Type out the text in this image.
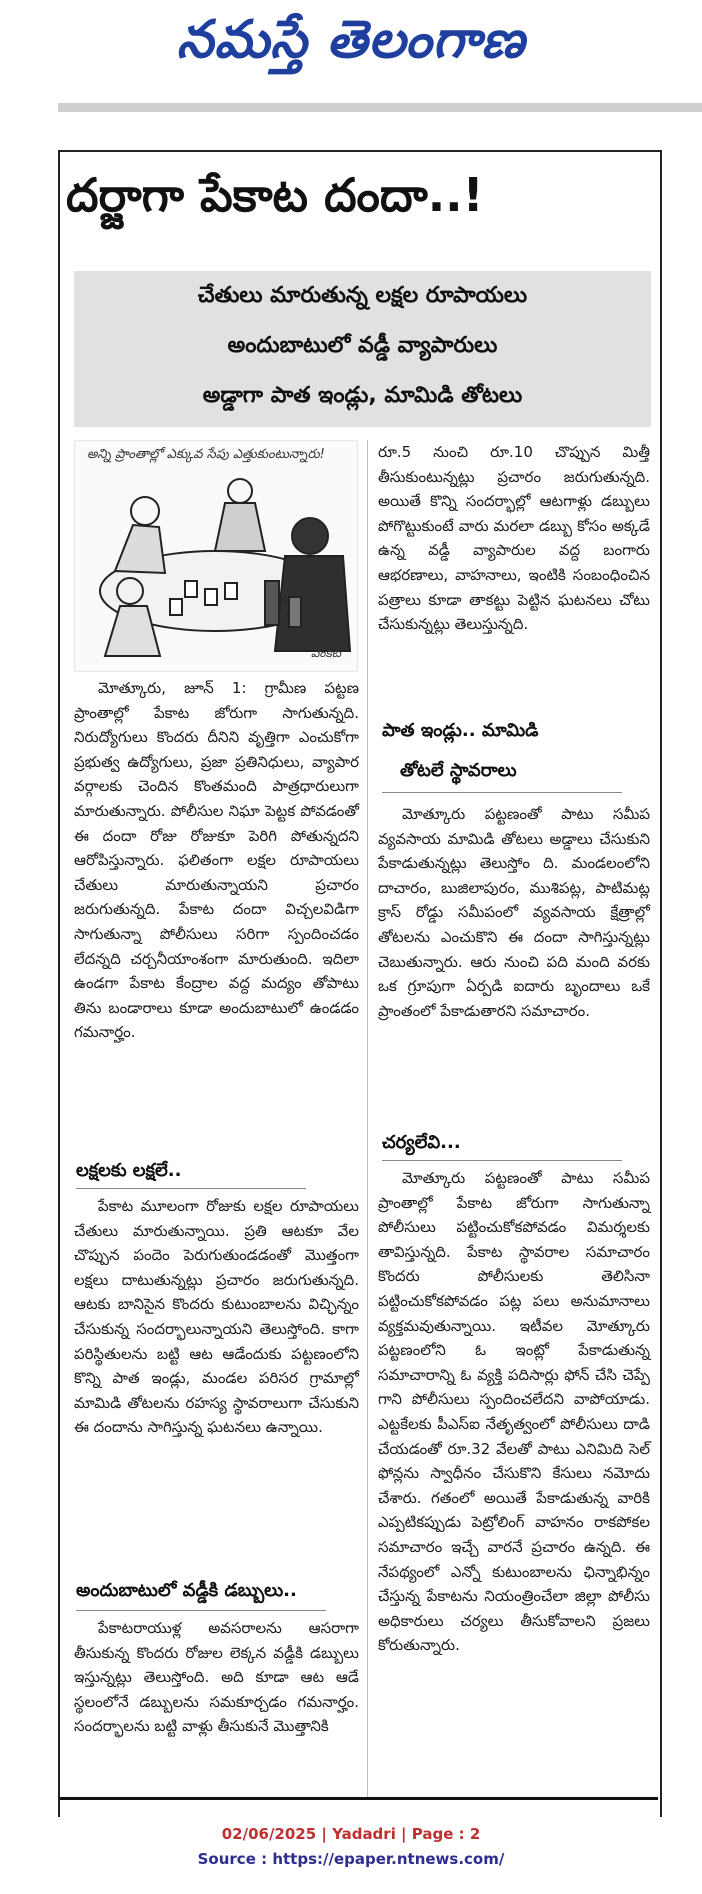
నమస్తే తెలంగాణ
దర్జాగా పేకాట దందా..!
చేతులు మారుతున్న లక్షల రూపాయలు
అందుబాటులో వడ్డీ వ్యాపారులు
అడ్డాగా పాత ఇండ్లు, మామిడి తోటలు
అన్ని ప్రాంతాల్లో ఎక్కువ సేపు ఎత్తుకుంటున్నారు!
వెంకట్
మోత్కూరు, జూన్ 1: గ్రామీణ పట్టణ ప్రాంతాల్లో పేకాట జోరుగా సాగుతున్నది. నిరుద్యోగులు కొందరు దీనిని వృత్తిగా ఎంచుకోగా ప్రభుత్వ ఉద్యోగులు, ప్రజా ప్రతినిధులు, వ్యాపార వర్గాలకు చెందిన కొంతమంది పాత్రధారులుగా మారుతున్నారు. పోలీసుల నిఘా పెట్టక పోవడంతో ఈ దందా రోజు రోజుకూ పెరిగి పోతున్నదని ఆరోపిస్తున్నారు. ఫలితంగా లక్షల రూపాయలు చేతులు మారుతున్నాయని ప్రచారం జరుగుతున్నది. పేకాట దందా విచ్చలవిడిగా సాగుతున్నా పోలీసులు సరిగా స్పందించడం లేదన్నది చర్చనీయాంశంగా మారుతుంది. ఇదిలా ఉండగా పేకాట కేంద్రాల వద్ద మద్యం తోపాటు తిను బండారాలు కూడా అందుబాటులో ఉండడం గమనార్హం.
లక్షలకు లక్షలే..
పేకాట మూలంగా రోజుకు లక్షల రూపాయలు చేతులు మారుతున్నాయి. ప్రతి ఆటకూ వేల చొప్పున పందెం పెరుగుతుండడంతో మొత్తంగా లక్షలు దాటుతున్నట్లు ప్రచారం జరుగుతున్నది. ఆటకు బానిసైన కొందరు కుటుంబాలను విచ్ఛిన్నం చేసుకున్న సందర్భాలున్నాయని తెలుస్తోంది. కాగా పరిస్థితులను బట్టి ఆట ఆడేందుకు పట్టణంలోని కొన్ని పాత ఇండ్లు, మండల పరిసర గ్రామాల్లో మామిడి తోటలను రహస్య స్థావరాలుగా చేసుకుని ఈ దందాను సాగిస్తున్న ఘటనలు ఉన్నాయి.
అందుబాటులో వడ్డీకి డబ్బులు..
పేకాటరాయుళ్ల అవసరాలను ఆసరాగా తీసుకున్న కొందరు రోజుల లెక్కన వడ్డీకి డబ్బులు ఇస్తున్నట్లు తెలుస్తోంది. అది కూడా ఆట ఆడే స్థలంలోనే డబ్బులను సమకూర్చడం గమనార్హం. సందర్భాలను బట్టి వాళ్లు తీసుకునే మొత్తానికి
రూ.5 నుంచి రూ.10 చొప్పున మిత్తీ తీసుకుంటున్నట్లు ప్రచారం జరుగుతున్నది. అయితే కొన్ని సందర్భాల్లో ఆటగాళ్లు డబ్బులు పోగొట్టుకుంటే వారు మరలా డబ్బు కోసం అక్కడే ఉన్న వడ్డీ వ్యాపారుల వద్ద బంగారు ఆభరణాలు, వాహనాలు, ఇంటికి సంబంధించిన పత్రాలు కూడా తాకట్టు పెట్టిన ఘటనలు చోటు చేసుకున్నట్లు తెలుస్తున్నది.
పాత ఇండ్లు.. మామిడి
తోటలే స్థావరాలు
మోత్కూరు పట్టణంతో పాటు సమీప వ్యవసాయ మామిడి తోటలు అడ్డాలు చేసుకుని పేకాడుతున్నట్లు తెలుస్తోం ది. మండలంలోని దాచారం, బుజిలాపురం, ముశిపట్ల, పాటిమట్ల క్రాస్ రోడ్డు సమీపంలో వ్యవసాయ క్షేత్రాల్లో తోటలను ఎంచుకొని ఈ దందా సాగిస్తున్నట్లు చెబుతున్నారు. ఆరు నుంచి పది మంది వరకు ఒక గ్రూపుగా ఏర్పడి ఐదారు బృందాలు ఒకే ప్రాంతంలో పేకాడుతారని సమాచారం.
చర్యలేవి...
మోత్కూరు పట్టణంతో పాటు సమీప ప్రాంతాల్లో పేకాట జోరుగా సాగుతున్నా పోలీసులు పట్టించుకోకపోవడం విమర్శలకు తావిస్తున్నది. పేకాట స్థావరాల సమాచారం కొందరు పోలీసులకు తెలిసినా పట్టించుకోకపోవడం పట్ల పలు అనుమానాలు వ్యక్తమవుతున్నాయి. ఇటీవల మోత్కూరు పట్టణంలోని ఓ ఇంట్లో పేకాడుతున్న సమాచారాన్ని ఓ వ్యక్తి పదిసార్లు ఫోన్ చేసి చెప్పే గాని పోలీసులు స్పందించలేదని వాపోయాడు. ఎట్టకేలకు పీఎస్ఐ నేతృత్వంలో పోలీసులు దాడి చేయడంతో రూ.32 వేలతో పాటు ఎనిమిది సెల్ ఫోన్లను స్వాధీనం చేసుకొని కేసులు నమోదు చేశారు. గతంలో అయితే పేకాడుతున్న వారికి ఎప్పటికప్పుడు పెట్రోలింగ్ వాహనం రాకపోకల సమాచారం ఇచ్చే వారనే ప్రచారం ఉన్నది. ఈ నేపథ్యంలో ఎన్నో కుటుంబాలను ఛిన్నాభిన్నం చేస్తున్న పేకాటను నియంత్రించేలా జిల్లా పోలీసు అధికారులు చర్యలు తీసుకోవాలని ప్రజలు కోరుతున్నారు.
02/06/2025 | Yadadri | Page : 2
Source : https://epaper.ntnews.com/
